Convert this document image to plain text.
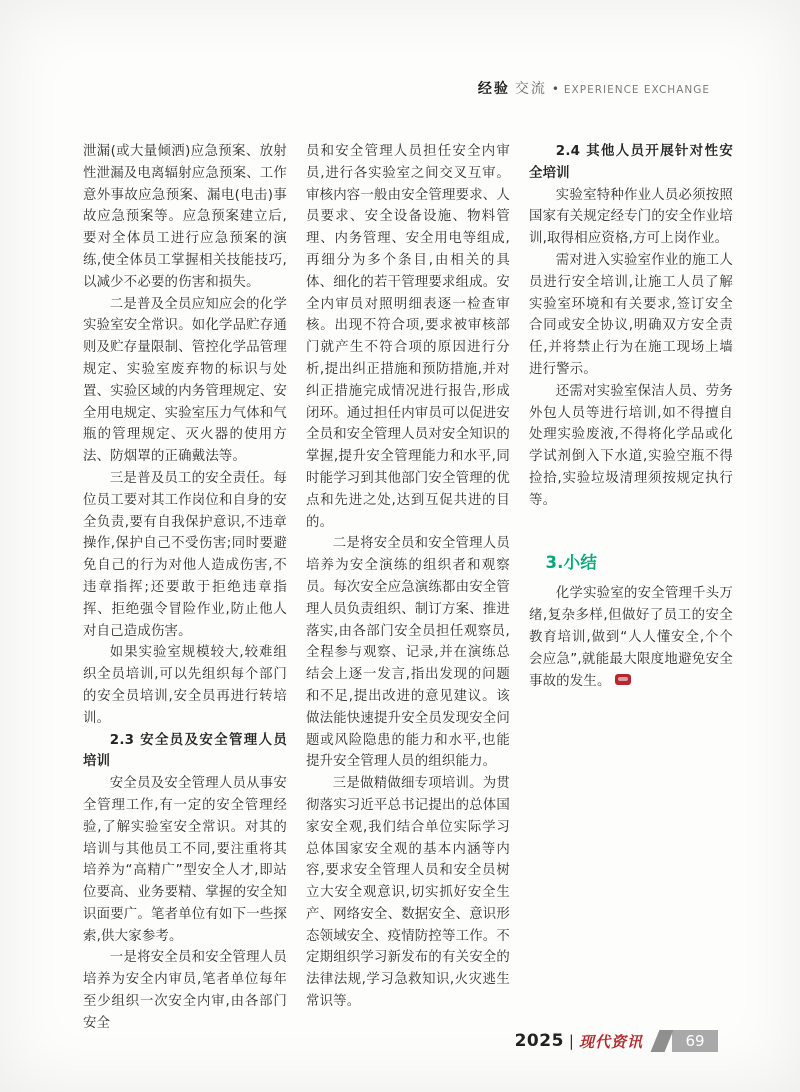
经验 交流 • EXPERIENCE EXCHANGE

泄漏(或大量倾洒)应急预案、放射性泄漏及电离辐射应急预案、工作意外事故应急预案、漏电(电击)事故应急预案等。应急预案建立后,要对全体员工进行应急预案的演练,使全体员工掌握相关技能技巧,以减少不必要的伤害和损失。

二是普及全员应知应会的化学实验室安全常识。如化学品贮存通则及贮存量限制、管控化学品管理规定、实验室废弃物的标识与处置、实验区域的内务管理规定、安全用电规定、实验室压力气体和气瓶的管理规定、灭火器的使用方法、防烟罩的正确戴法等。

三是普及员工的安全责任。每位员工要对其工作岗位和自身的安全负责,要有自我保护意识,不违章操作,保护自己不受伤害;同时要避免自己的行为对他人造成伤害,不违章指挥;还要敢于拒绝违章指挥、拒绝强令冒险作业,防止他人对自己造成伤害。

如果实验室规模较大,较难组织全员培训,可以先组织每个部门的安全员培训,安全员再进行转培训。

2.3 安全员及安全管理人员培训

安全员及安全管理人员从事安全管理工作,有一定的安全管理经验,了解实验室安全常识。对其的培训与其他员工不同,要注重将其培养为“高精广”型安全人才,即站位要高、业务要精、掌握的安全知识面要广。笔者单位有如下一些探索,供大家参考。

一是将安全员和安全管理人员培养为安全内审员,笔者单位每年至少组织一次安全内审,由各部门安全

员和安全管理人员担任安全内审员,进行各实验室之间交叉互审。审核内容一般由安全管理要求、人员要求、安全设备设施、物料管理、内务管理、安全用电等组成,再细分为多个条目,由相关的具体、细化的若干管理要求组成。安全内审员对照明细表逐一检查审核。出现不符合项,要求被审核部门就产生不符合项的原因进行分析,提出纠正措施和预防措施,并对纠正措施完成情况进行报告,形成闭环。通过担任内审员可以促进安全员和安全管理人员对安全知识的掌握,提升安全管理能力和水平,同时能学习到其他部门安全管理的优点和先进之处,达到互促共进的目的。

二是将安全员和安全管理人员培养为安全演练的组织者和观察员。每次安全应急演练都由安全管理人员负责组织、制订方案、推进落实,由各部门安全员担任观察员,全程参与观察、记录,并在演练总结会上逐一发言,指出发现的问题和不足,提出改进的意见建议。该做法能快速提升安全员发现安全问题或风险隐患的能力和水平,也能提升安全管理人员的组织能力。

三是做精做细专项培训。为贯彻落实习近平总书记提出的总体国家安全观,我们结合单位实际学习总体国家安全观的基本内涵等内容,要求安全管理人员和安全员树立大安全观意识,切实抓好安全生产、网络安全、数据安全、意识形态领域安全、疫情防控等工作。不定期组织学习新发布的有关安全的法律法规,学习急救知识,火灾逃生常识等。

2.4 其他人员开展针对性安全培训

实验室特种作业人员必须按照国家有关规定经专门的安全作业培训,取得相应资格,方可上岗作业。

需对进入实验室作业的施工人员进行安全培训,让施工人员了解实验室环境和有关要求,签订安全合同或安全协议,明确双方安全责任,并将禁止行为在施工现场上墙进行警示。

还需对实验室保洁人员、劳务外包人员等进行培训,如不得擅自处理实验废液,不得将化学品或化学试剂倒入下水道,实验空瓶不得捡拾,实验垃圾清理须按规定执行等。

3.小结

化学实验室的安全管理千头万绪,复杂多样,但做好了员工的安全教育培训,做到“人人懂安全,个个会应急”,就能最大限度地避免安全事故的发生。

2025 | 现代资讯	69
